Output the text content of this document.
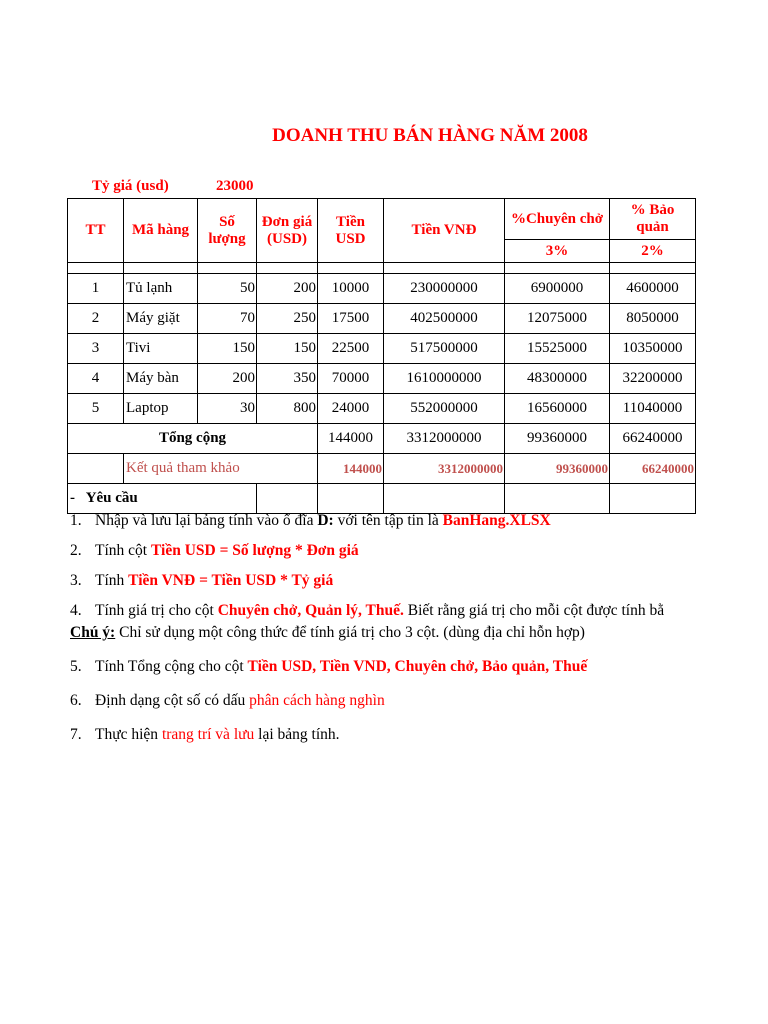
DOANH THU BÁN HÀNG NĂM 2008
Tỷ giá (usd)	23000
TT	Mã hàng	Số lượng	Đơn giá (USD)	Tiền USD	Tiền VNĐ	%Chuyên chở	% Bảo quản
						3%	2%

1	Tủ lạnh	50	200	10000	230000000	6900000	4600000
2	Máy giặt	70	250	17500	402500000	12075000	8050000
3	Tivi	150	150	22500	517500000	15525000	10350000
4	Máy bàn	200	350	70000	1610000000	48300000	32200000
5	Laptop	30	800	24000	552000000	16560000	11040000
Tổng cộng				144000	3312000000	99360000	66240000
	Kết quả tham khảo			144000	3312000000	99360000	66240000
-   Yêu cầu							
1. Nhập và lưu lại bảng tính vào ổ đĩa D: với tên tập tin là BanHang.XLSX
2. Tính cột Tiền USD = Số lượng * Đơn giá
3. Tính Tiền VNĐ = Tiền USD * Tỷ giá
4. Tính giá trị cho cột Chuyên chở, Quản lý, Thuế. Biết rằng giá trị cho mỗi cột được tính bằ
Chú ý: Chỉ sử dụng một công thức để tính giá trị cho 3 cột. (dùng địa chỉ hỗn hợp)
5. Tính Tổng cộng cho cột Tiền USD, Tiền VND, Chuyên chở, Bảo quản, Thuế
6. Định dạng cột số có dấu phân cách hàng nghìn
7. Thực hiện trang trí và lưu lại bảng tính.
